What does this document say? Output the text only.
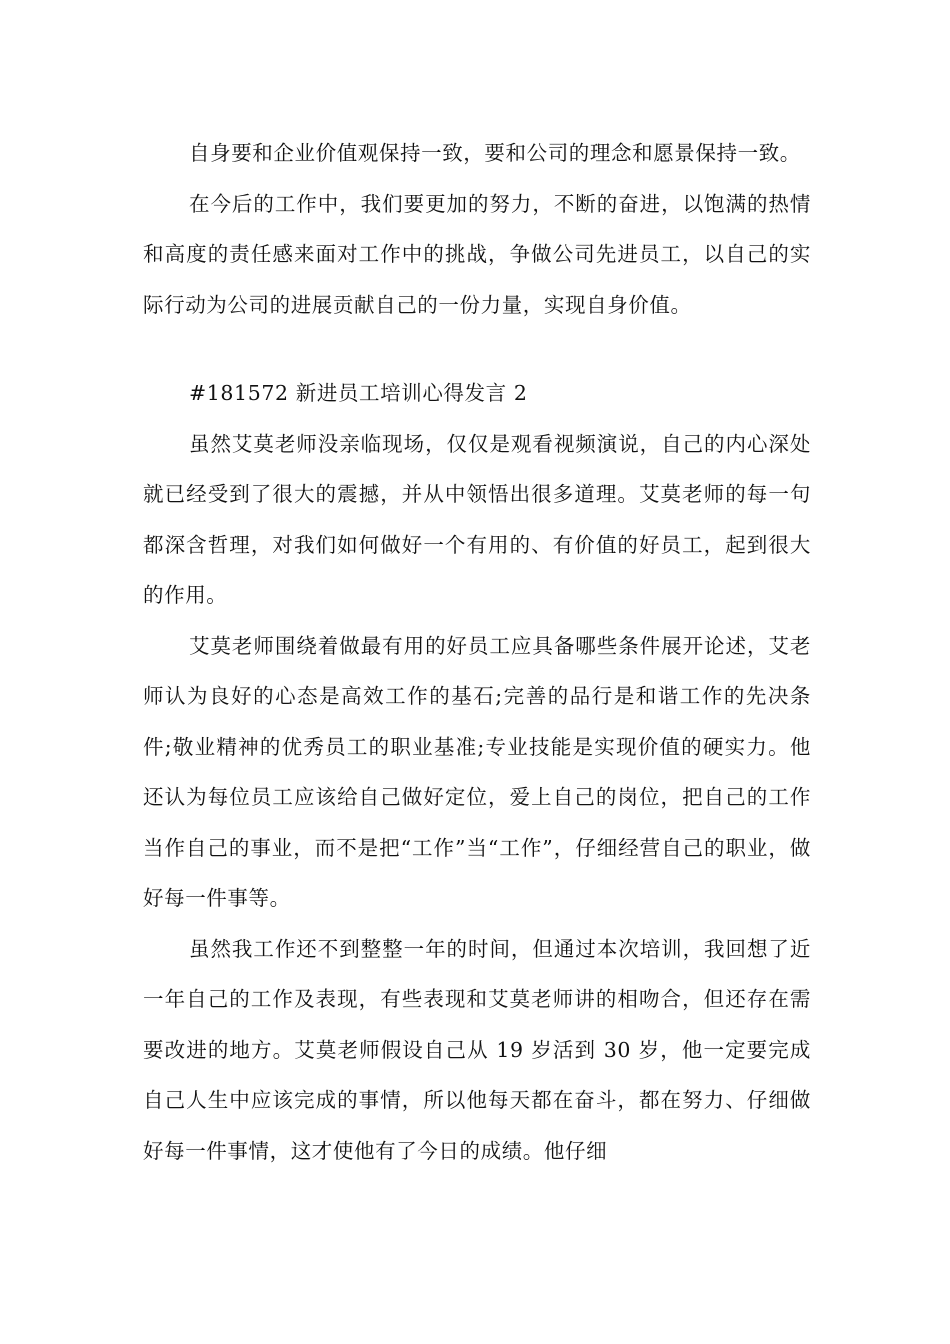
自身要和企业价值观保持一致，要和公司的理念和愿景保持一致。

在今后的工作中，我们要更加的努力，不断的奋进，以饱满的热情和高度的责任感来面对工作中的挑战，争做公司先进员工，以自己的实际行动为公司的进展贡献自己的一份力量，实现自身价值。

#181572 新进员工培训心得发言 2

虽然艾莫老师没亲临现场，仅仅是观看视频演说，自己的内心深处就已经受到了很大的震撼，并从中领悟出很多道理。艾莫老师的每一句都深含哲理，对我们如何做好一个有用的、有价值的好员工，起到很大的作用。

艾莫老师围绕着做最有用的好员工应具备哪些条件展开论述，艾老师认为良好的心态是高效工作的基石;完善的品行是和谐工作的先决条件;敬业精神的优秀员工的职业基准;专业技能是实现价值的硬实力。他还认为每位员工应该给自己做好定位，爱上自己的岗位，把自己的工作当作自己的事业，而不是把“工作”当“工作”，仔细经营自己的职业，做好每一件事等。

虽然我工作还不到整整一年的时间，但通过本次培训，我回想了近一年自己的工作及表现，有些表现和艾莫老师讲的相吻合，但还存在需要改进的地方。艾莫老师假设自己从 19 岁活到 30 岁，他一定要完成自己人生中应该完成的事情，所以他每天都在奋斗，都在努力、仔细做好每一件事情，这才使他有了今日的成绩。他仔细
